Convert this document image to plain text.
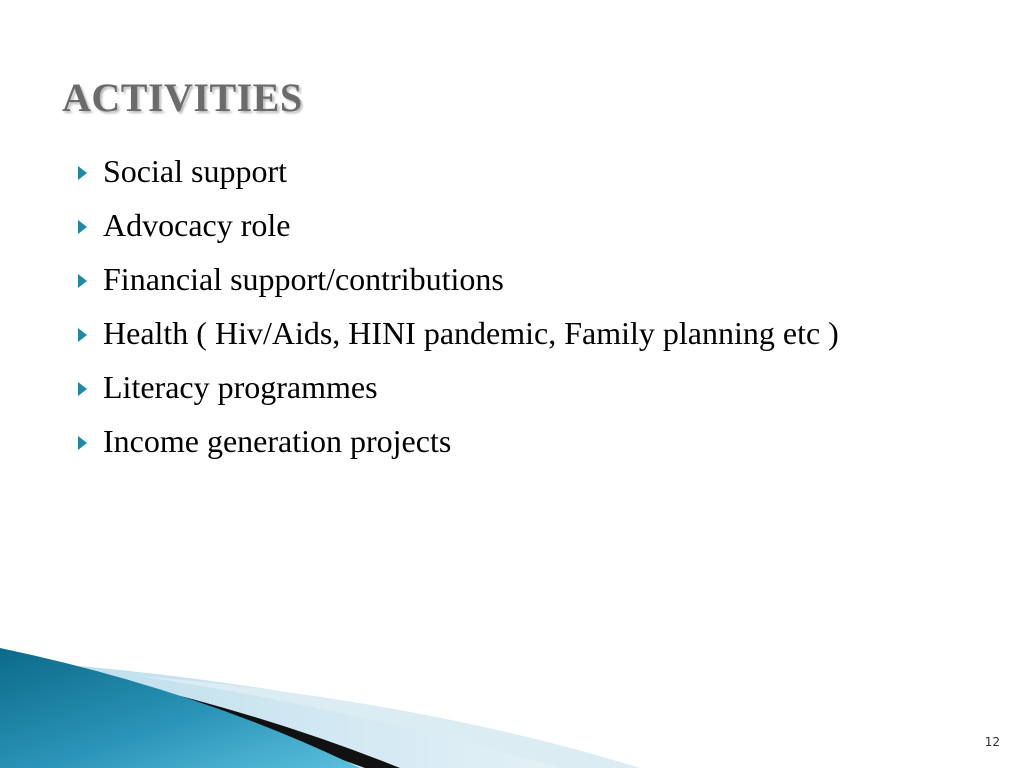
ACTIVITIES
Social support
Advocacy role
Financial support/contributions
Health ( Hiv/Aids, HINI pandemic, Family planning etc )
Literacy programmes
Income generation projects
12
